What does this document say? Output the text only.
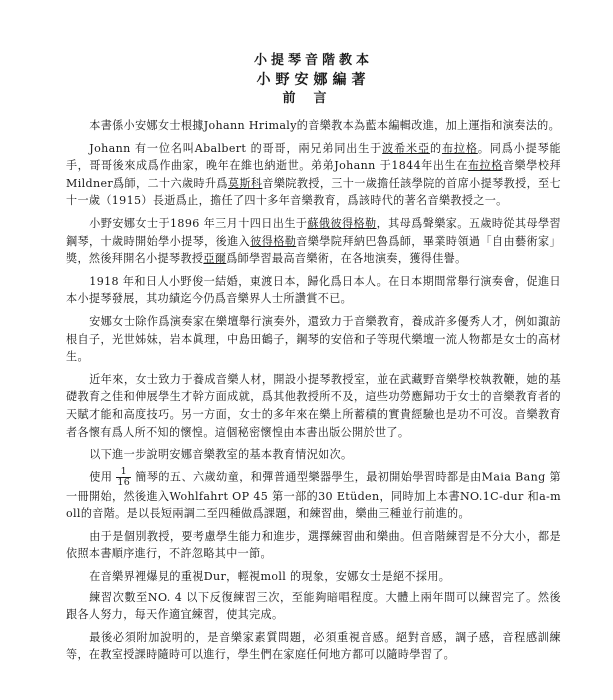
小提琴音階教本
小野安娜編著
前言

本書係小安娜女士根據Johann Hrimaly的音樂教本為藍本編輯改進，加上運指和演奏法的。

Johann 有一位名叫Abalbert 的哥哥，兩兄弟同出生于波希米亞的布拉格。同爲小提琴能手，哥哥後來成爲作曲家，晚年在維也納逝世。弟弟Johann 于1844年出生在布拉格音樂學校拜Mildner爲師，二十六歲時升爲莫斯科音樂院教授，三十一歲擔任該學院的首席小提琴教授，至七十一歲（1915）長逝爲止，擔任了四十多年音樂教育，爲該時代的著名音樂教授之一。

小野安娜女士于1896 年三月十四日出生于蘇俄彼得格勒，其母爲聲樂家。五歲時從其母學習鋼琴，十歲時開始學小提琴，後進入彼得格勒音樂學院拜納巴魯爲師，畢業時領過「自由藝術家」獎，然後拜開名小提琴教授亞爾爲師學習最高音樂術，在各地演奏，獲得佳譽。

1918 年和日人小野俊一結婚，東渡日本，歸化爲日本人。在日本期間常舉行演奏會，促進日本小提琴發展，其功績迄今仍爲音樂界人士所讚賞不已。

安娜女士除作爲演奏家在樂壇舉行演奏外，還致力于音樂教育，養成許多優秀人才，例如諏訪根自子，光世姊妹，岩本眞理，中島田鶴子，鋼琴的安倍和子等現代樂壇一流人物都是女士的高材生。

近年來，女士致力于養成音樂人材，開設小提琴教授室，並在武藏野音樂學校執教鞭，她的基礎教育之佳和伸展學生才幹方面成就，爲其他教授所不及，這些功勞應歸功于女士的音樂教育者的天賦才能和高度技巧。另一方面，女士的多年來在樂上所蓄積的實貴經驗也是功不可沒。音樂教育者各懷有爲人所不知的懷惶。這個秘密懷惶由本書出版公開於世了。

以下進一步說明安娜音樂教室的基本教育情況如次。

使用 $\frac{1}{16}$ 簡琴的五、六歲幼童，和彈普通型樂器學生，最初開始學習時都是由Maia Bang 第一冊開始，然後進入Wohlfahrt OP 45 第一部的30 Etüden，同時加上本書NO.1C-dur 和a-moll的音階。是以長短兩調二至四種做爲課題，和練習曲，樂曲三種並行前進的。

由于是個別教授，要考慮學生能力和進步，選擇練習曲和樂曲。但音階練習是不分大小，都是依照本書順序進行，不許忽略其中一節。

在音樂界裡爆見的重視Dur，輕視moll 的現象，安娜女士是絕不採用。

練習次數至NO. 4 以下反復練習三次，至能夠暗唱程度。大體上兩年間可以練習完了。然後跟各人努力，每天作適宜練習，使其完成。

最後必須附加說明的，是音樂家素質問題，必須重視音感。絕對音感，調子感，音程感訓練等，在教室授課時隨時可以進行，學生們在家庭任何地方都可以隨時學習了。
